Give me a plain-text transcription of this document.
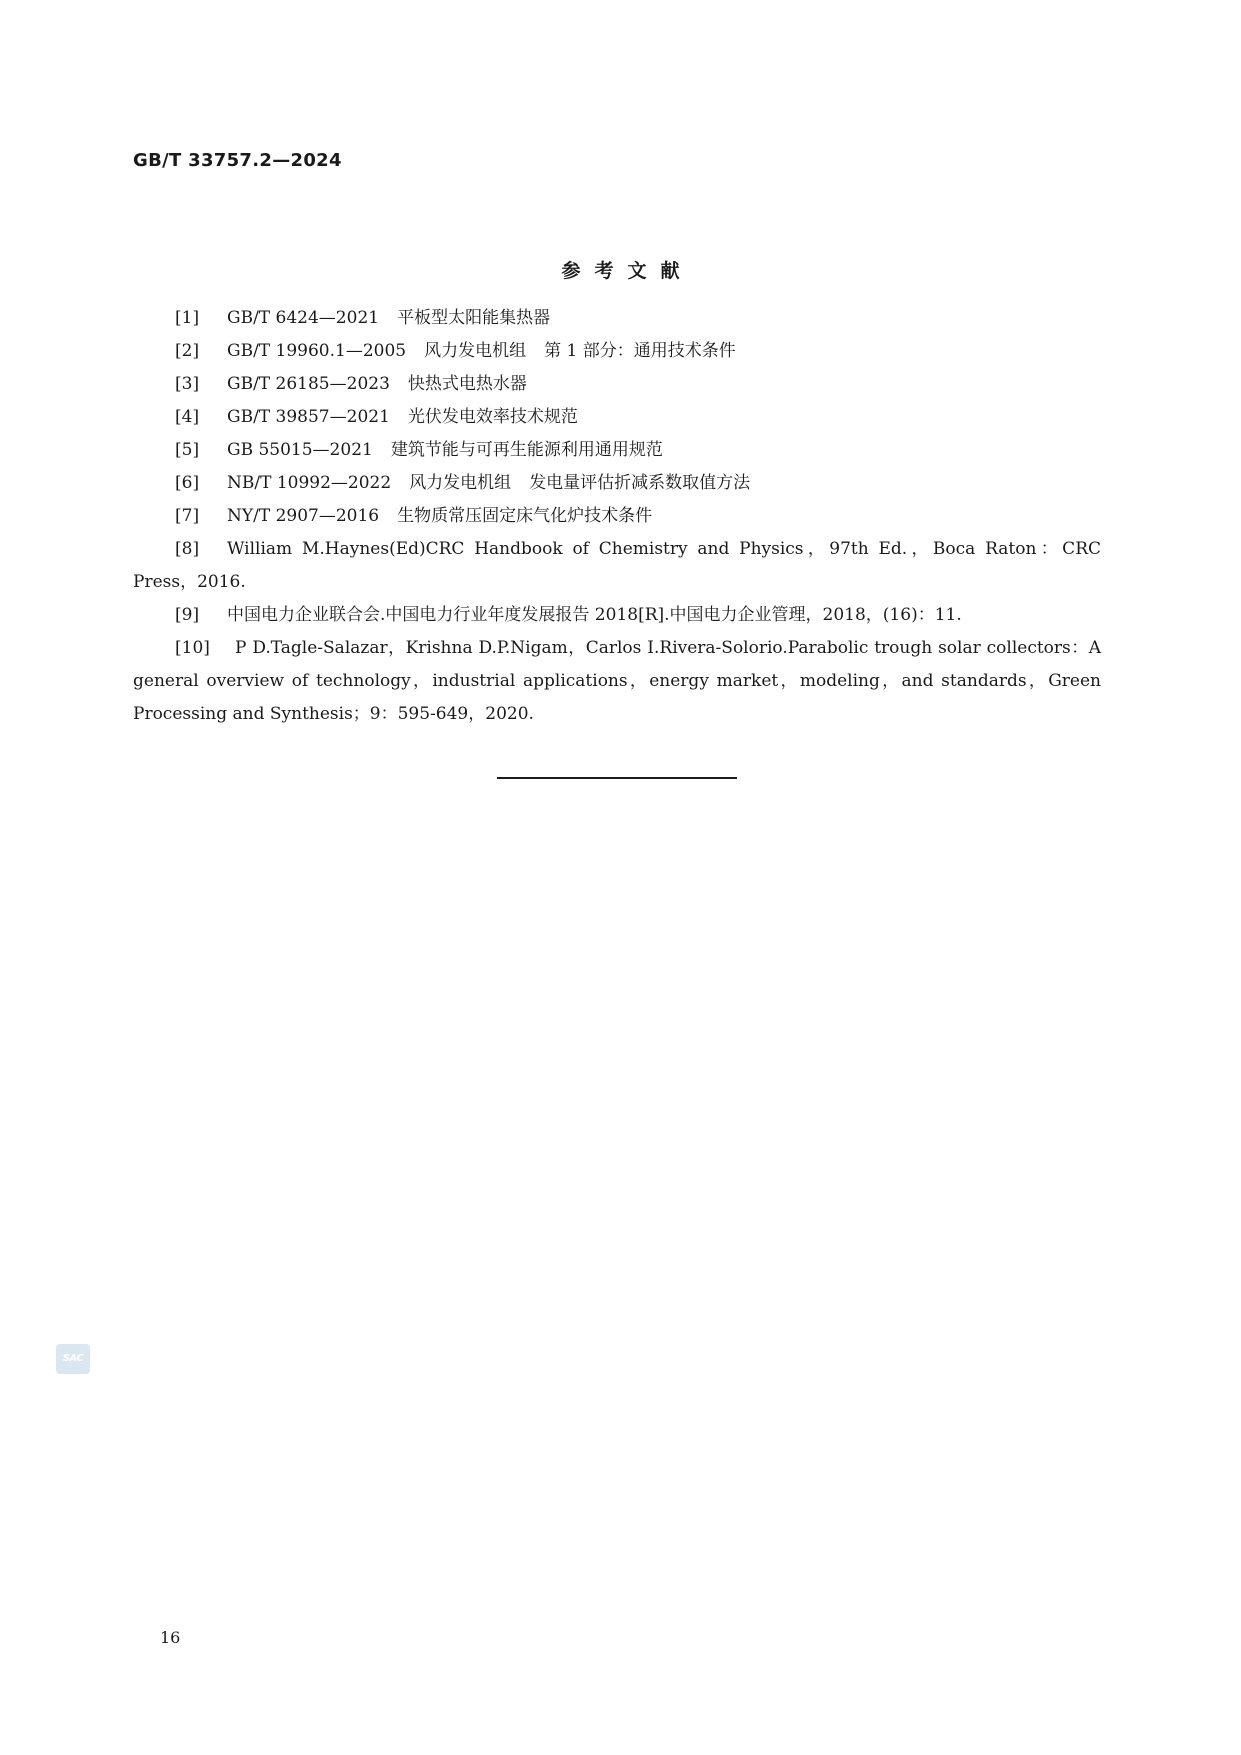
GB/T 33757.2—2024
参考文献

[1] GB/T 6424—2021 平板型太阳能集热器

[2] GB/T 19960.1—2005 风力发电机组 第 1 部分：通用技术条件

[3] GB/T 26185—2023 快热式电热水器

[4] GB/T 39857—2021 光伏发电效率技术规范

[5] GB 55015—2021 建筑节能与可再生能源利用通用规范

[6] NB/T 10992—2022 风力发电机组 发电量评估折减系数取值方法

[7] NY/T 2907—2016 生物质常压固定床气化炉技术条件

[8] William M.Haynes(Ed)CRC Handbook of Chemistry and Physics，97th Ed.，Boca Raton：CRC Press，2016.

[9] 中国电力企业联合会.中国电力行业年度发展报告 2018[R].中国电力企业管理，2018，(16)：11.

[10] P D.Tagle-Salazar，Krishna D.P.Nigam，Carlos I.Rivera-Solorio.Parabolic trough solar collectors：A general overview of technology，industrial applications，energy market，modeling，and standards，Green Processing and Synthesis；9：595-649，2020.

SAC
16
